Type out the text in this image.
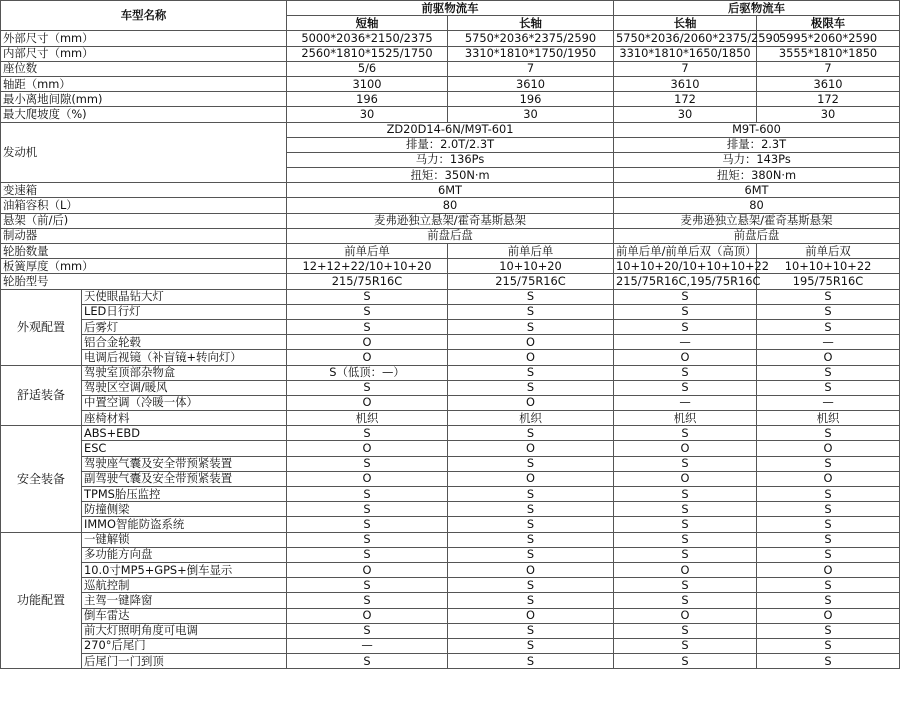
车型名称		前驱物流车		后驱物流车	
		短轴	长轴	长轴	极限车
外部尺寸（mm）		5000*2036*2150/2375	5750*2036*2375/2590	5750*2036/2060*2375/2590	5995*2060*2590
内部尺寸（mm）		2560*1810*1525/1750	3310*1810*1750/1950	3310*1810*1650/1850	3555*1810*1850
座位数		5/6	7	7	7
轴距（mm）		3100	3610	3610	3610
最小离地间隙(mm)		196	196	172	172
最大爬坡度（%)		30	30	30	30
发动机		ZD20D14-6N/M9T-601		M9T-600	
		排量：2.0T/2.3T		排量：2.3T	
		马力：136Ps		马力：143Ps	
		扭矩：350N·m		扭矩：380N·m	
变速箱		6MT		6MT	
油箱容积（L）		80		80	
悬架（前/后)		麦弗逊独立悬架/霍奇基斯悬架		麦弗逊独立悬架/霍奇基斯悬架	
制动器		前盘后盘		前盘后盘	
轮胎数量		前单后单	前单后单	前单后单/前单后双（高顶）	前单后双
板簧厚度（mm）		12+12+22/10+10+20	10+10+20	10+10+20/10+10+10+22	10+10+10+22
轮胎型号		215/75R16C	215/75R16C	215/75R16C,195/75R16C	195/75R16C
外观配置	天使眼晶钻大灯	S	S	S	S
	LED日行灯	S	S	S	S
	后雾灯	S	S	S	S
	铝合金轮毂	O	O	—	—
	电调后视镜（补盲镜+转向灯）	O	O	O	O
舒适装备	驾驶室顶部杂物盒	S（低顶：—）	S	S	S
	驾驶区空调/暖风	S	S	S	S
	中置空调（冷暖一体）	O	O	—	—
	座椅材料	机织	机织	机织	机织
安全装备	ABS+EBD	S	S	S	S
	ESC	O	O	O	O
	驾驶座气囊及安全带预紧装置	S	S	S	S
	副驾驶气囊及安全带预紧装置	O	O	O	O
	TPMS胎压监控	S	S	S	S
	防撞侧梁	S	S	S	S
	IMMO智能防盗系统	S	S	S	S
功能配置	一键解锁	S	S	S	S
	多功能方向盘	S	S	S	S
	10.0寸MP5+GPS+倒车显示	O	O	O	O
	巡航控制	S	S	S	S
	主驾一键降窗	S	S	S	S
	倒车雷达	O	O	O	O
	前大灯照明角度可电调	S	S	S	S
	270°后尾门	—	S	S	S
	后尾门一门到顶	S	S	S	S
